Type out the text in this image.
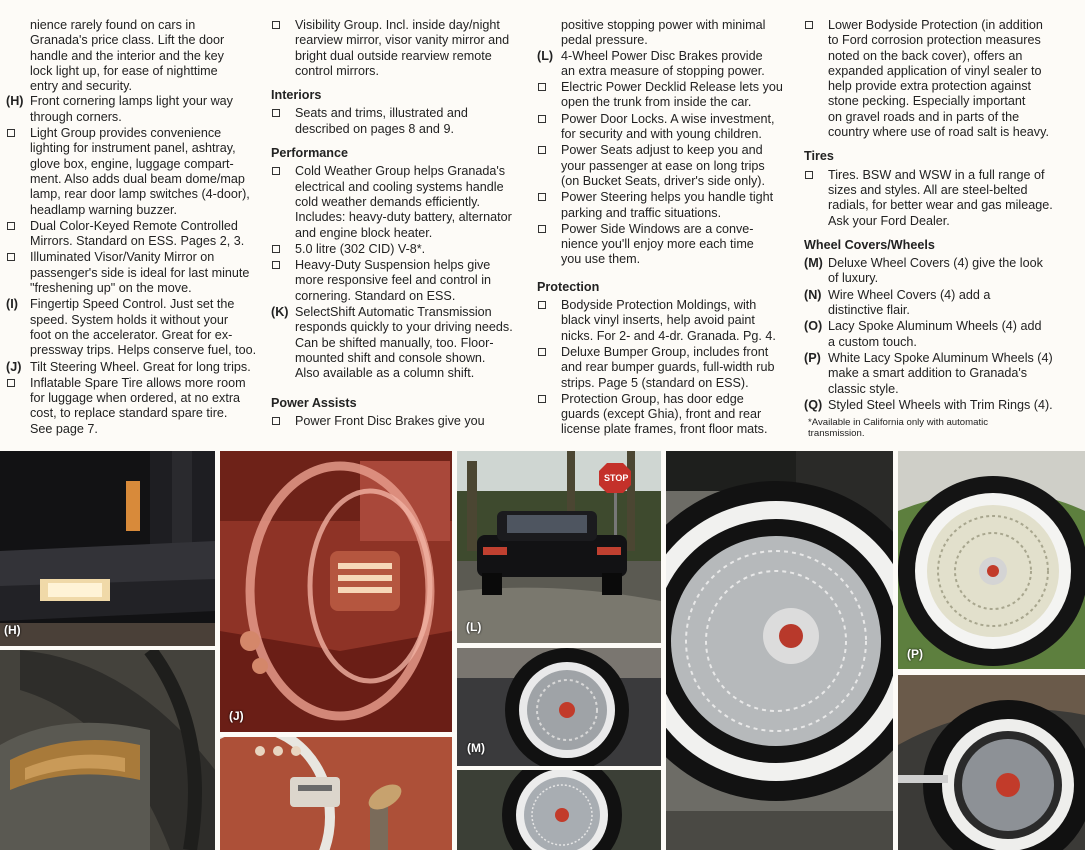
nience rarely found on cars in
Granada's price class. Lift the door
handle and the interior and the key
lock light up, for ease of nighttime
entry and security.
(H) Front cornering lamps light your way
through corners.
Light Group provides convenience
lighting for instrument panel, ashtray,
glove box, engine, luggage compart-
ment. Also adds dual beam dome/map
lamp, rear door lamp switches (4-door),
headlamp warning buzzer.
Dual Color-Keyed Remote Controlled
Mirrors. Standard on ESS. Pages 2, 3.
Illuminated Visor/Vanity Mirror on
passenger's side is ideal for last minute
"freshening up" on the move.
(I) Fingertip Speed Control. Just set the
speed. System holds it without your
foot on the accelerator. Great for ex-
pressway trips. Helps conserve fuel, too.
(J) Tilt Steering Wheel. Great for long trips.
Inflatable Spare Tire allows more room
for luggage when ordered, at no extra
cost, to replace standard spare tire.
See page 7.
Visibility Group. Incl. inside day/night
rearview mirror, visor vanity mirror and
bright dual outside rearview remote
control mirrors.
Interiors
Seats and trims, illustrated and
described on pages 8 and 9.
Performance
Cold Weather Group helps Granada's
electrical and cooling systems handle
cold weather demands efficiently.
Includes: heavy-duty battery, alternator
and engine block heater.
5.0 litre (302 CID) V-8*.
Heavy-Duty Suspension helps give
more responsive feel and control in
cornering. Standard on ESS.
(K) SelectShift Automatic Transmission
responds quickly to your driving needs.
Can be shifted manually, too. Floor-
mounted shift and console shown.
Also available as a column shift.
Power Assists
Power Front Disc Brakes give you
positive stopping power with minimal
pedal pressure.
(L) 4-Wheel Power Disc Brakes provide
an extra measure of stopping power.
Electric Power Decklid Release lets you
open the trunk from inside the car.
Power Door Locks. A wise investment,
for security and with young children.
Power Seats adjust to keep you and
your passenger at ease on long trips
(on Bucket Seats, driver's side only).
Power Steering helps you handle tight
parking and traffic situations.
Power Side Windows are a conve-
nience you'll enjoy more each time
you use them.
Protection
Bodyside Protection Moldings, with
black vinyl inserts, help avoid paint
nicks. For 2- and 4-dr. Granada. Pg. 4.
Deluxe Bumper Group, includes front
and rear bumper guards, full-width rub
strips. Page 5 (standard on ESS).
Protection Group, has door edge
guards (except Ghia), front and rear
license plate frames, front floor mats.
Lower Bodyside Protection (in addition
to Ford corrosion protection measures
noted on the back cover), offers an
expanded application of vinyl sealer to
help provide extra protection against
stone pecking. Especially important
on gravel roads and in parts of the
country where use of road salt is heavy.
Tires
Tires. BSW and WSW in a full range of
sizes and styles. All are steel-belted
radials, for better wear and gas mileage.
Ask your Ford Dealer.
Wheel Covers/Wheels
(M) Deluxe Wheel Covers (4) give the look
of luxury.
(N) Wire Wheel Covers (4) add a
distinctive flair.
(O) Lacy Spoke Aluminum Wheels (4) add
a custom touch.
(P) White Lacy Spoke Aluminum Wheels (4)
make a smart addition to Granada's
classic style.
(Q) Styled Steel Wheels with Trim Rings (4).
*Available in California only with automatic
transmission.
(H)
(J)
STOP
(L)
(M)
(P)
